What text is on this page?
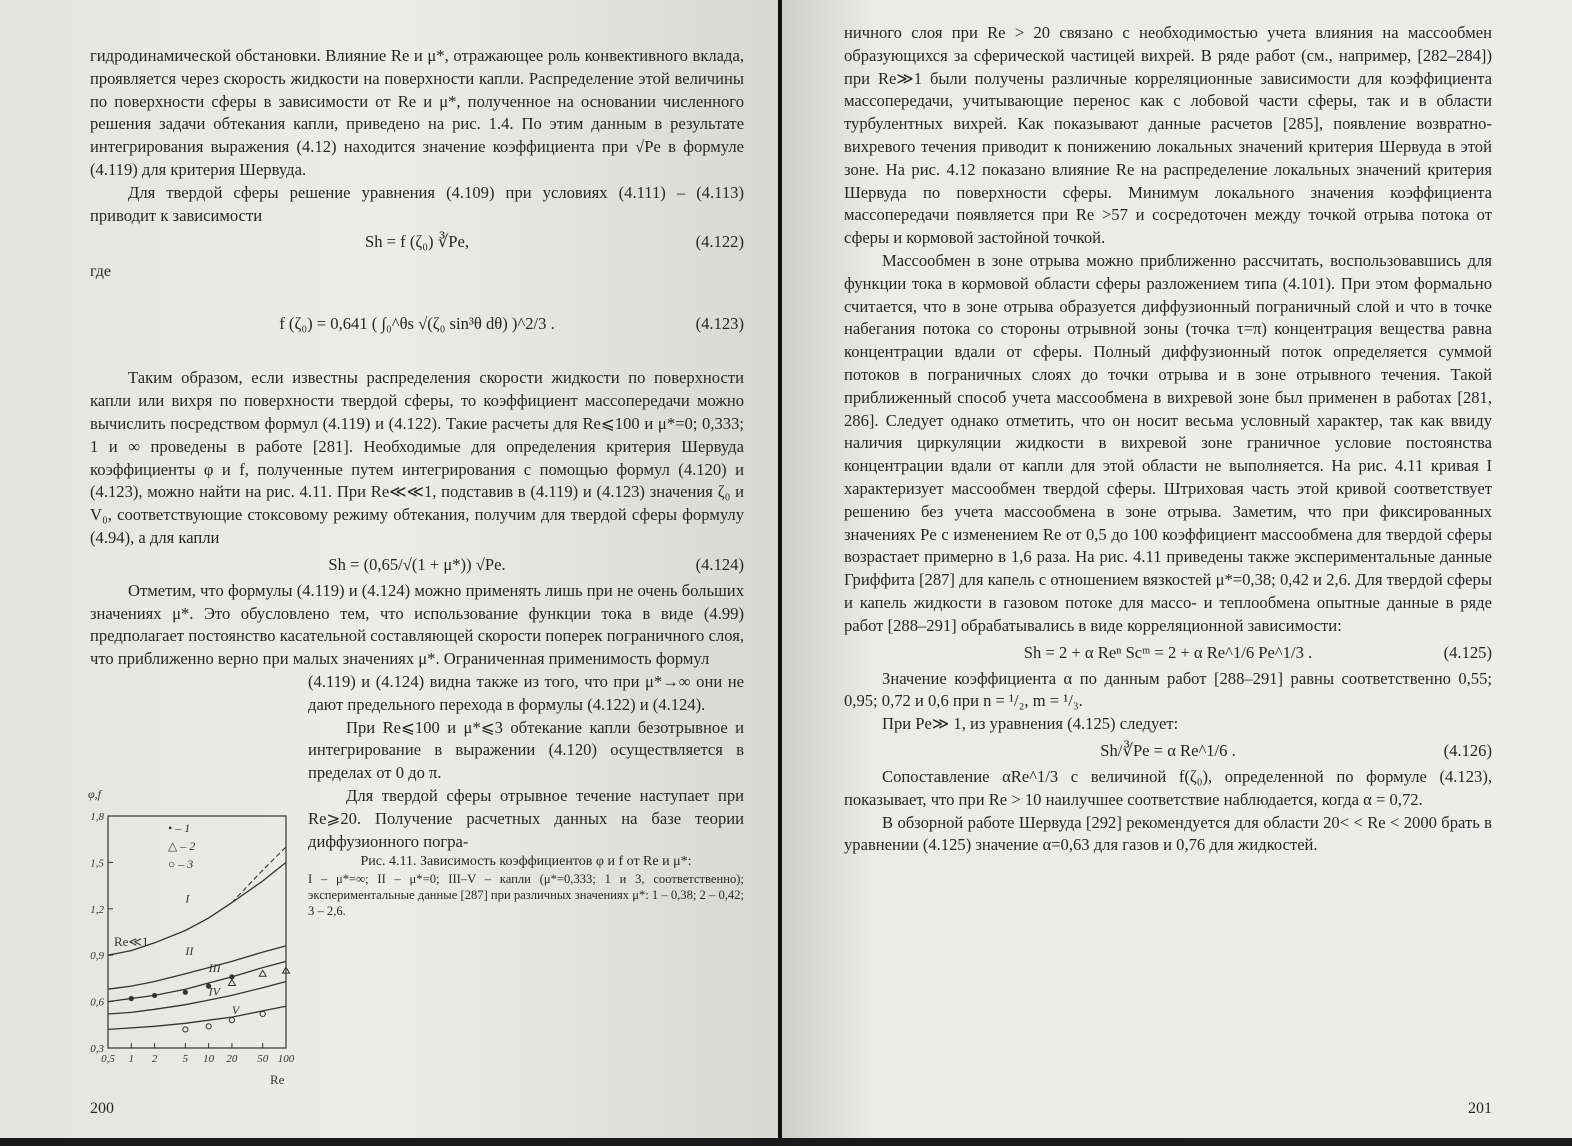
гидродинамической обстановки. Влияние Re и μ*, отражающее роль конвективного вклада, проявляется через скорость жидкости на поверхности капли. Распределение этой величины по поверхности сферы в зависимости от Re и μ*, полученное на основании численного решения задачи обтекания капли, приведено на рис. 1.4. По этим данным в результате интегрирования выражения (4.12) находится значение коэффициента при √Pe в формуле (4.119) для критерия Шервуда.

Для твердой сферы решение уравнения (4.109) при условиях (4.111) – (4.113) приводит к зависимости

Sh = f (ζ₀) ∛Pe,	(4.122)
где
f (ζ₀) = 0,641 ( ∫₀^θs √(ζ₀ sin³θ dθ) )^2/3 .	(4.123)

Таким образом, если известны распределения скорости жидкости по поверхности капли или вихря по поверхности твердой сферы, то коэффициент массопередачи можно вычислить посредством формул (4.119) и (4.122). Такие расчеты для Re⩽100 и μ*=0; 0,333; 1 и ∞ проведены в работе [281]. Необходимые для определения критерия Шервуда коэффициенты φ и f, полученные путем интегрирования с помощью формул (4.120) и (4.123), можно найти на рис. 4.11. При Re≪≪1, подставив в (4.119) и (4.123) значения ζ₀ и V₀, соответствующие стоксовому режиму обтекания, получим для твердой сферы формулу (4.94), а для капли

Sh = (0,65/√(1 + μ*)) √Pe.	(4.124)

Отметим, что формулы (4.119) и (4.124) можно применять лишь при не очень больших значениях μ*. Это обусловлено тем, что использование функции тока в виде (4.99) предполагает постоянство касательной составляющей скорости поперек пограничного слоя, что приближенно верно при малых значениях μ*. Ограниченная применимость формул

(4.119) и (4.124) видна также из того, что при μ*→∞ они не дают предельного перехода в формулы (4.122) и (4.124).

При Re⩽100 и μ*⩽3 обтекание капли безотрывное и интегрирование в выражении (4.120) осуществляется в пределах от 0 до π.

Для твердой сферы отрывное течение наступает при Re⩾20. Получение расчетных данных на базе теории диффузионного погра-

Рис. 4.11. Зависимость коэффициентов φ и f от Re и μ*:
I – μ*=∞; II – μ*=0; III–V – капли (μ*=0,333; 1 и 3, соответственно); экспериментальные данные [287] при различных значениях μ*: 1 – 0,38; 2 – 0,42; 3 – 2,6.
200
φ,f
Re
1,8
1,5
1,2
0,9
0,6
0,3
0,5 1 2 5 10 20 50 100
• – 1
△ – 2
○ – 3
I
II
III
IV
V
Re≪1

ничного слоя при Re > 20 связано с необходимостью учета влияния на массообмен образующихся за сферической частицей вихрей. В ряде работ (см., например, [282–284]) при Re≫1 были получены различные корреляционные зависимости для коэффициента массопередачи, учитывающие перенос как с лобовой части сферы, так и в области турбулентных вихрей. Как показывают данные расчетов [285], появление возвратно-вихревого течения приводит к понижению локальных значений критерия Шервуда в этой зоне. На рис. 4.12 показано влияние Re на распределение локальных значений критерия Шервуда по поверхности сферы. Минимум локального значения коэффициента массопередачи появляется при Re >57 и сосредоточен между точкой отрыва потока от сферы и кормовой застойной точкой.

Массообмен в зоне отрыва можно приближенно рассчитать, воспользовавшись для функции тока в кормовой области сферы разложением типа (4.101). При этом формально считается, что в зоне отрыва образуется диффузионный пограничный слой и что в точке набегания потока со стороны отрывной зоны (точка τ=π) концентрация вещества равна концентрации вдали от сферы. Полный диффузионный поток определяется суммой потоков в пограничных слоях до точки отрыва и в зоне отрывного течения. Такой приближенный способ учета массообмена в вихревой зоне был применен в работах [281, 286]. Следует однако отметить, что он носит весьма условный характер, так как ввиду наличия циркуляции жидкости в вихревой зоне граничное условие постоянства концентрации вдали от капли для этой области не выполняется. На рис. 4.11 кривая I характеризует массообмен твердой сферы. Штриховая часть этой кривой соответствует решению без учета массообмена в зоне отрыва. Заметим, что при фиксированных значениях Pe с изменением Re от 0,5 до 100 коэффициент массообмена для твердой сферы возрастает примерно в 1,6 раза. На рис. 4.11 приведены также экспериментальные данные Гриффита [287] для капель с отношением вязкостей μ*=0,38; 0,42 и 2,6. Для твердой сферы и капель жидкости в газовом потоке для массо- и теплообмена опытные данные в ряде работ [288–291] обрабатывались в виде корреляционной зависимости:

Sh = 2 + α Reⁿ Scᵐ = 2 + α Re^1/6 Pe^1/3 .	(4.125)

Значение коэффициента α по данным работ [288–291] равны соответственно 0,55; 0,95; 0,72 и 0,6 при n = ¹/₂, m = ¹/₃.

При Pe≫ 1, из уравнения (4.125) следует:

Sh/∛Pe = α Re^1/6 .	(4.126)

Сопоставление αRe^1/3 с величиной f(ζ₀), определенной по формуле (4.123), показывает, что при Re > 10 наилучшее соответствие наблюдается, когда α = 0,72.

В обзорной работе Шервуда [292] рекомендуется для области 20< < Re < 2000 брать в уравнении (4.125) значение α=0,63 для газов и 0,76 для жидкостей.

201
